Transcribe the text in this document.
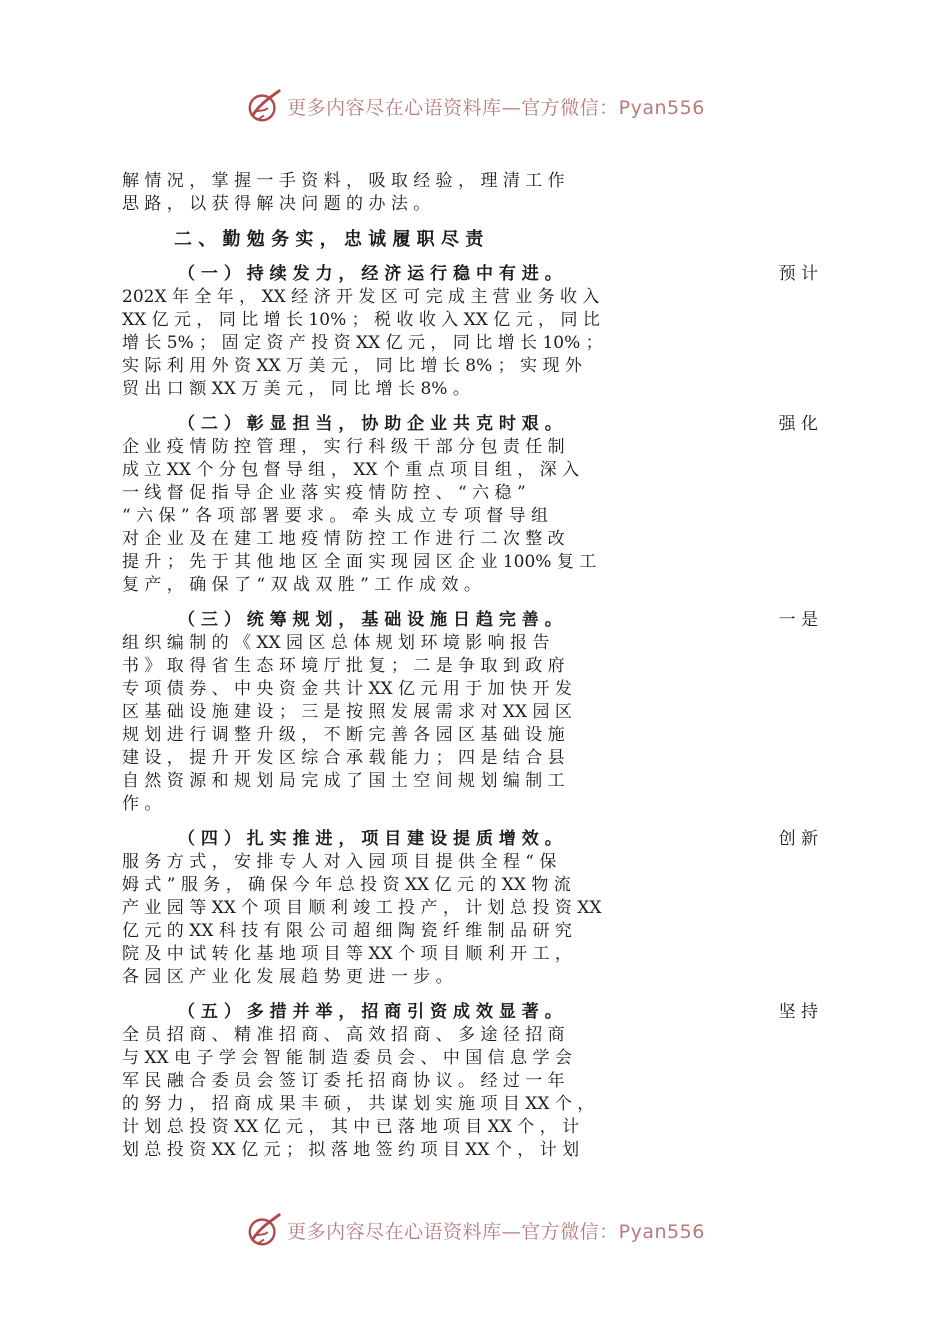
更多内容尽在心语资料库—官方微信：Pyan556
解 情 况 ， 掌 握 一 手 资 料 ， 吸 取 经 验 ， 理 清 工 作
思 路 ， 以 获 得 解 决 问 题 的 办 法 。
二 、 勤 勉 务 实 ， 忠 诚 履 职 尽 责
（ 一 ） 持 续 发 力 ， 经 济 运 行 稳 中 有 进 。	预 计
202X 年 全 年 ， XX 经 济 开 发 区 可 完 成 主 营 业 务 收 入
XX 亿 元 ， 同 比 增 长 10% ； 税 收 收 入 XX 亿 元 ， 同 比
增 长 5% ； 固 定 资 产 投 资 XX 亿 元 ， 同 比 增 长 10% ；
实 际 利 用 外 资 XX 万 美 元 ， 同 比 增 长 8% ； 实 现 外
贸 出 口 额 XX 万 美 元 ， 同 比 增 长 8% 。
（ 二 ） 彰 显 担 当 ， 协 助 企 业 共 克 时 艰 。	强 化
企 业 疫 情 防 控 管 理 ， 实 行 科 级 干 部 分 包 责 任 制
成 立 XX 个 分 包 督 导 组 ， XX 个 重 点 项 目 组 ， 深 入
一 线 督 促 指 导 企 业 落 实 疫 情 防 控 、 “ 六 稳 ”
“ 六 保 ” 各 项 部 署 要 求 。 牵 头 成 立 专 项 督 导 组
对 企 业 及 在 建 工 地 疫 情 防 控 工 作 进 行 二 次 整 改
提 升 ； 先 于 其 他 地 区 全 面 实 现 园 区 企 业 100% 复 工
复 产 ， 确 保 了 “ 双 战 双 胜 ” 工 作 成 效 。
（ 三 ） 统 筹 规 划 ， 基 础 设 施 日 趋 完 善 。	一 是
组 织 编 制 的 《 XX 园 区 总 体 规 划 环 境 影 响 报 告
书 》 取 得 省 生 态 环 境 厅 批 复 ； 二 是 争 取 到 政 府
专 项 债 券 、 中 央 资 金 共 计 XX 亿 元 用 于 加 快 开 发
区 基 础 设 施 建 设 ； 三 是 按 照 发 展 需 求 对 XX 园 区
规 划 进 行 调 整 升 级 ， 不 断 完 善 各 园 区 基 础 设 施
建 设 ， 提 升 开 发 区 综 合 承 载 能 力 ； 四 是 结 合 县
自 然 资 源 和 规 划 局 完 成 了 国 土 空 间 规 划 编 制 工
作 。
（ 四 ） 扎 实 推 进 ， 项 目 建 设 提 质 增 效 。	创 新
服 务 方 式 ， 安 排 专 人 对 入 园 项 目 提 供 全 程 “ 保
姆 式 ” 服 务 ， 确 保 今 年 总 投 资 XX 亿 元 的 XX 物 流
产 业 园 等 XX 个 项 目 顺 利 竣 工 投 产 ， 计 划 总 投 资 XX
亿 元 的 XX 科 技 有 限 公 司 超 细 陶 瓷 纤 维 制 品 研 究
院 及 中 试 转 化 基 地 项 目 等 XX 个 项 目 顺 利 开 工 ，
各 园 区 产 业 化 发 展 趋 势 更 进 一 步 。
（ 五 ） 多 措 并 举 ， 招 商 引 资 成 效 显 著 。	坚 持
全 员 招 商 、 精 准 招 商 、 高 效 招 商 、 多 途 径 招 商
与 XX 电 子 学 会 智 能 制 造 委 员 会 、 中 国 信 息 学 会
军 民 融 合 委 员 会 签 订 委 托 招 商 协 议 。 经 过 一 年
的 努 力 ， 招 商 成 果 丰 硕 ， 共 谋 划 实 施 项 目 XX 个 ，
计 划 总 投 资 XX 亿 元 ， 其 中 已 落 地 项 目 XX 个 ， 计
划 总 投 资 XX 亿 元 ； 拟 落 地 签 约 项 目 XX 个 ， 计 划
更多内容尽在心语资料库—官方微信：Pyan556
